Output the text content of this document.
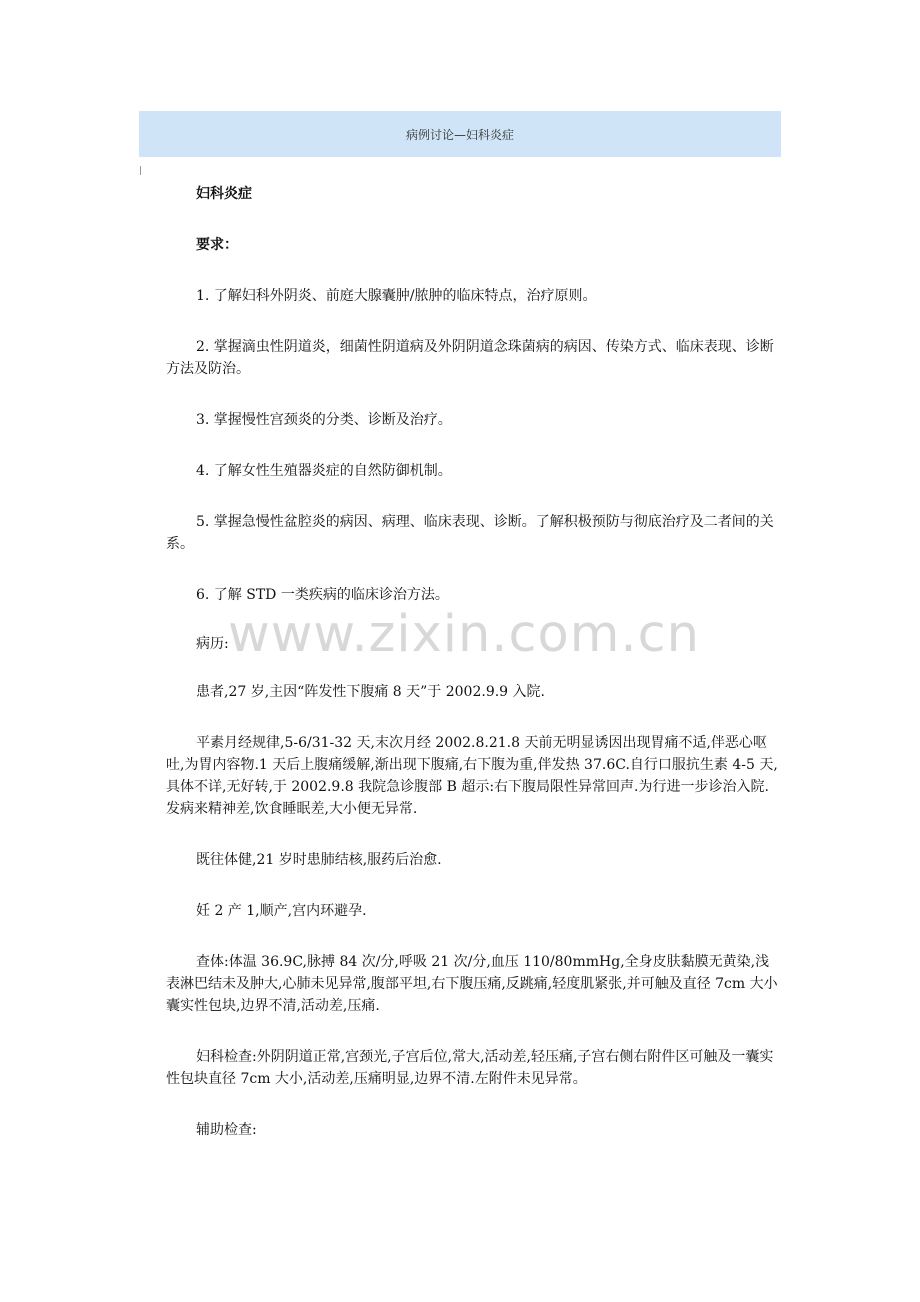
病例讨论—妇科炎症

妇科炎症

要求：

1. 了解妇科外阴炎、前庭大腺囊肿/脓肿的临床特点，治疗原则。

2. 掌握滴虫性阴道炎，细菌性阴道病及外阴阴道念珠菌病的病因、传染方式、临床表现、诊断方法及防治。

3. 掌握慢性宫颈炎的分类、诊断及治疗。

4. 了解女性生殖器炎症的自然防御机制。

5. 掌握急慢性盆腔炎的病因、病理、临床表现、诊断。了解积极预防与彻底治疗及二者间的关系。

6. 了解 STD 一类疾病的临床诊治方法。

病历:

患者,27 岁,主因“阵发性下腹痛 8 天”于 2002.9.9 入院.

平素月经规律,5-6/31-32 天,末次月经 2002.8.21.8 天前无明显诱因出现胃痛不适,伴恶心呕吐,为胃内容物.1 天后上腹痛缓解,渐出现下腹痛,右下腹为重,伴发热 37.6C.自行口服抗生素 4-5 天,具体不详,无好转,于 2002.9.8 我院急诊腹部 B 超示:右下腹局限性异常回声.为行进一步诊治入院.发病来精神差,饮食睡眠差,大小便无异常.

既往体健,21 岁时患肺结核,服药后治愈.

妊 2 产 1,顺产,宫内环避孕.

查体:体温 36.9C,脉搏 84 次/分,呼吸 21 次/分,血压 110/80mmHg,全身皮肤黏膜无黄染,浅表淋巴结未及肿大,心肺未见异常,腹部平坦,右下腹压痛,反跳痛,轻度肌紧张,并可触及直径 7cm 大小囊实性包块,边界不清,活动差,压痛.

妇科检查:外阴阴道正常,宫颈光,子宫后位,常大,活动差,轻压痛,子宫右侧右附件区可触及一囊实性包块直径 7cm 大小,活动差,压痛明显,边界不清.左附件未见异常。

辅助检查:

www.zixin.com.cn
